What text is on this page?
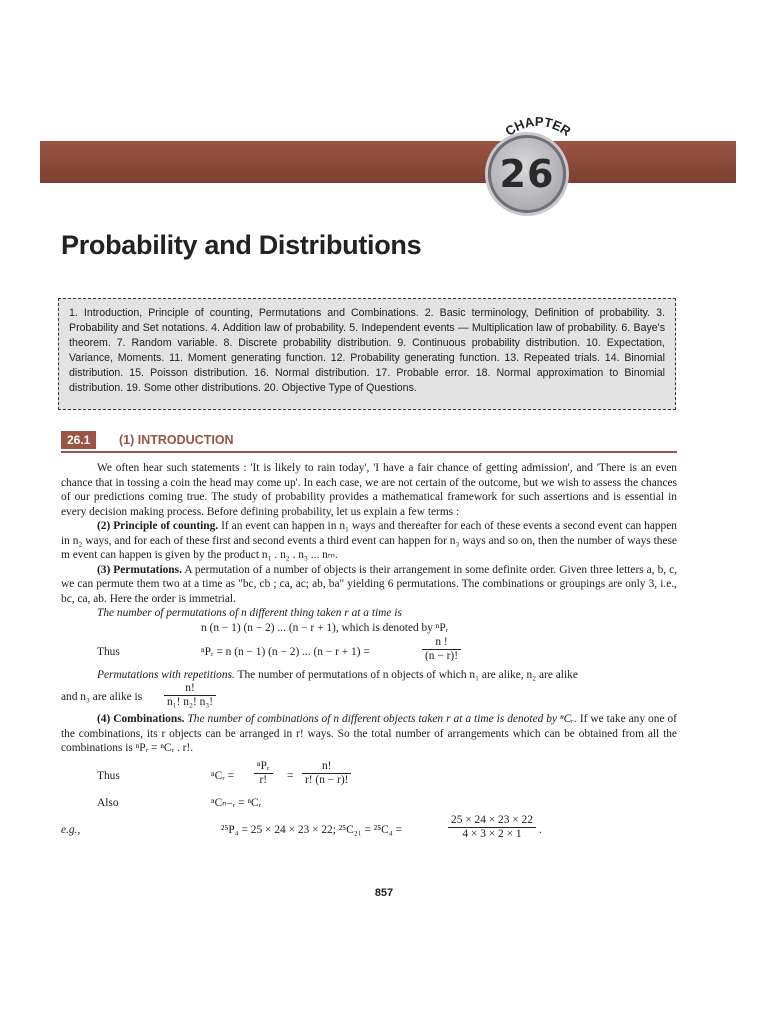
CHAPTER
26
Probability and Distributions
1. Introduction, Principle of counting, Permutations and Combinations. 2. Basic terminology, Definition of probability. 3. Probability and Set notations. 4. Addition law of probability. 5. Independent events — Multiplication law of probability. 6. Baye's theorem. 7. Random variable. 8. Discrete probability distribution. 9. Continuous probability distribution. 10. Expectation, Variance, Moments. 11. Moment generating function. 12. Probability generating function. 13. Repeated trials. 14. Binomial distribution. 15. Poisson distribution. 16. Normal distribution. 17. Probable error. 18. Normal approximation to Binomial distribution. 19. Some other distributions. 20. Objective Type of Questions.
26.1	(1) INTRODUCTION

We often hear such statements : 'It is likely to rain today', 'I have a fair chance of getting admission', and 'There is an even chance that in tossing a coin the head may come up'. In each case, we are not certain of the outcome, but we wish to assess the chances of our predictions coming true. The study of probability provides a mathematical framework for such assertions and is essential in every decision making process. Before defining probability, let us explain a few terms :

(2) Principle of counting. If an event can happen in n₁ ways and thereafter for each of these events a second event can happen in n₂ ways, and for each of these first and second events a third event can happen for n₃ ways and so on, then the number of ways these m event can happen is given by the product n₁ . n₂ . n₃ ... nₘ.

(3) Permutations. A permutation of a number of objects is their arrangement in some definite order. Given three letters a, b, c, we can permute them two at a time as "bc, cb ; ca, ac; ab, ba" yielding 6 permutations. The combinations or groupings are only 3, i.e., bc, ca, ab. Here the order is immetrial.

The number of permutations of n different thing taken r at a time is

n (n − 1) (n − 2) ... (n − r + 1), which is denoted by ⁿPᵣ
Thus	ⁿPᵣ = n (n − 1) (n − 2) ... (n − r + 1) =	$\frac{n !}{(n - r)!}$

Permutations with repetitions. The number of permutations of n objects of which n₁ are alike, n₂ are alike

and n₃ are alike is $\frac{n!}{\text{n₁! n₂! n₃!}}$

(4) Combinations. The number of combinations of n different objects taken r at a time is denoted by ⁿCᵣ. If we take any one of the combinations, its r objects can be arranged in r! ways. So the total number of arrangements which can be obtained from all the combinations is ⁿPᵣ = ⁿCᵣ . r!.

Thus	ⁿCᵣ =
ⁿPᵣ
r!	= $\frac{n!}{r! (n - r)!}$
Also	ⁿCₙ₋ᵣ = ⁿCᵣ
e.g.,	²⁵P₄ = 25 × 24 × 23 × 22; ²⁵C₂₁ = ²⁵C₄ =	$\frac{25 \times 24 \times 23 \times 22}{4 \times 3 \times 2 \times 1}$ .
857
